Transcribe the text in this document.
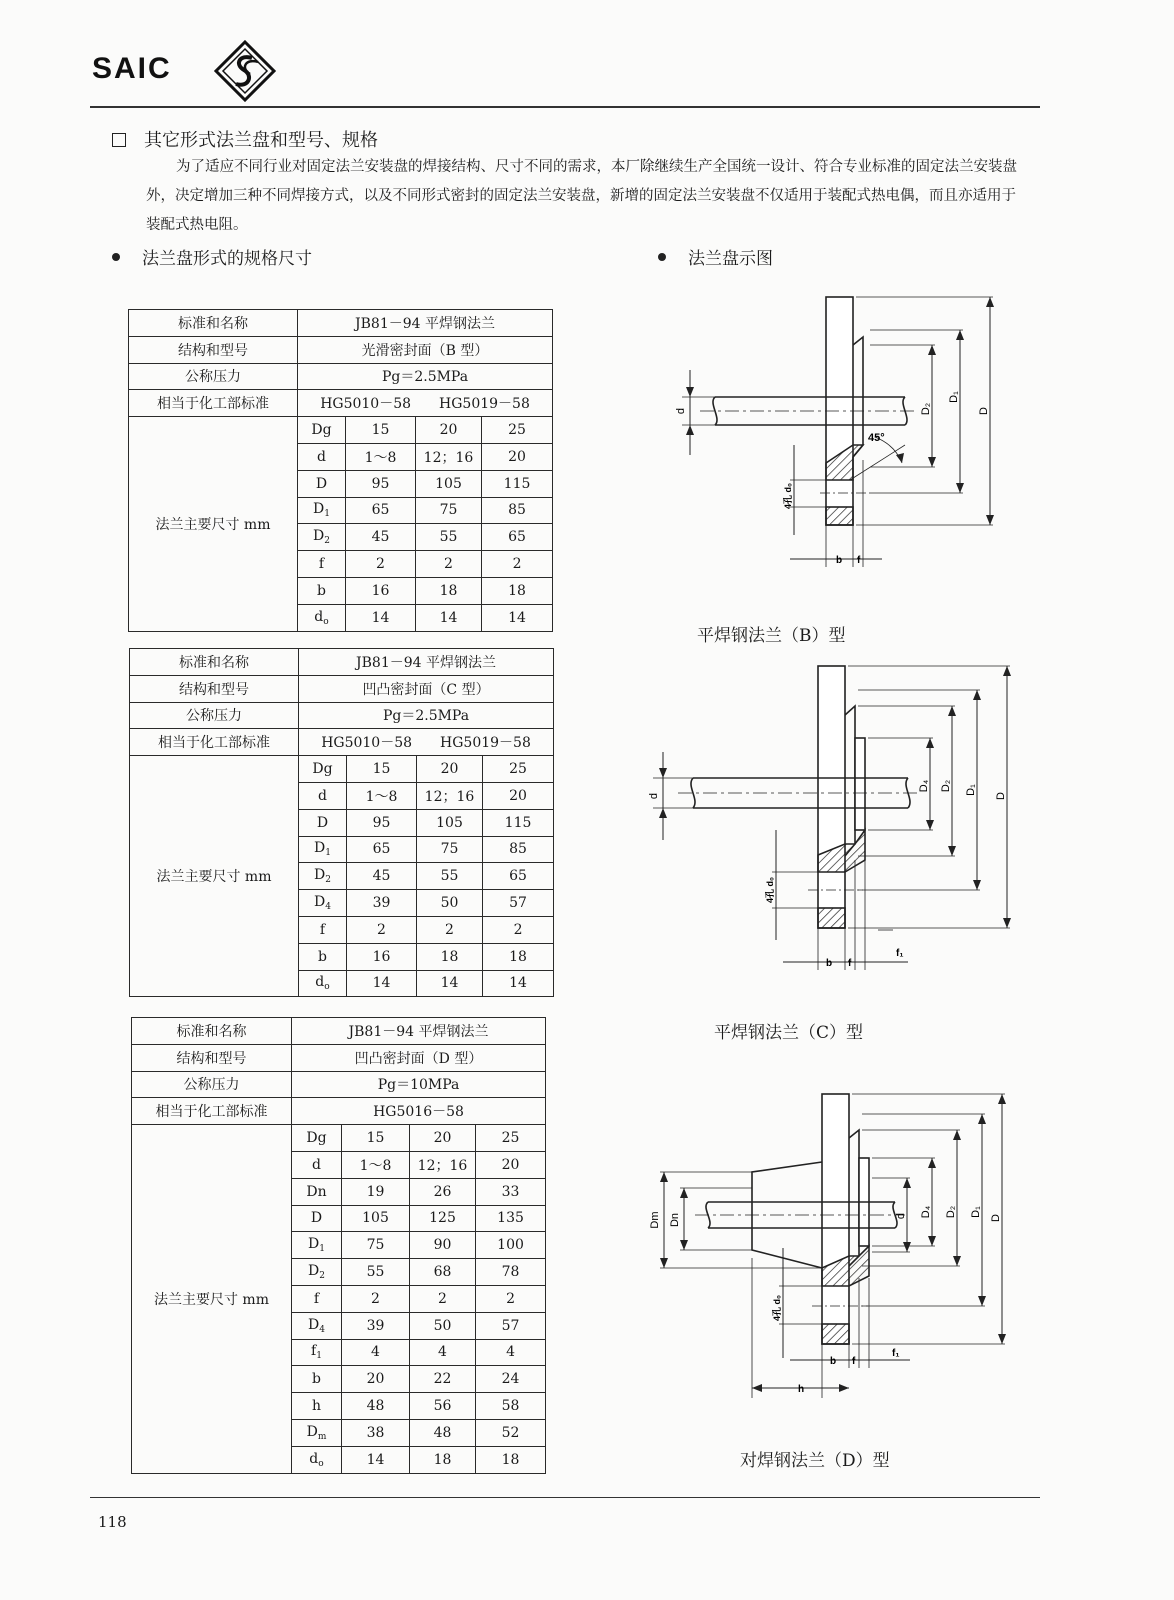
SAIC
其它形式法兰盘和型号、规格
为了适应不同行业对固定法兰安装盘的焊接结构、尺寸不同的需求，本厂除继续生产全国统一设计、符合专业标准的固定法兰安装盘外，决定增加三种不同焊接方式，以及不同形式密封的固定法兰安装盘，新增的固定法兰安装盘不仅适用于装配式热电偶，而且亦适用于装配式热电阻。
法兰盘形式的规格尺寸	法兰盘示图
标准和名称	JB81－94 平焊钢法兰			
结构和型号	光滑密封面（B 型）			
公称压力	Pg＝2.5MPa			
相当于化工部标准	HG5010－58　　HG5019－58			
法兰主要尺寸 mm	Dg	15	20	25
	d	1～8	12；16	20
	D	95	105	115
	$D_1$	65	75	85
	$D_2$	45	55	65
	f	2	2	2
	b	16	18	18
	$d_o$	14	14	14
标准和名称	JB81－94 平焊钢法兰			
结构和型号	凹凸密封面（C 型）			
公称压力	Pg＝2.5MPa			
相当于化工部标准	HG5010－58　　HG5019－58			
法兰主要尺寸 mm	Dg	15	20	25
	d	1～8	12；16	20
	D	95	105	115
	$D_1$	65	75	85
	$D_2$	45	55	65
	$D_4$	39	50	57
	f	2	2	2
	b	16	18	18
	$d_o$	14	14	14
标准和名称	JB81－94 平焊钢法兰			
结构和型号	凹凸密封面（D 型）			
公称压力	Pg＝10MPa			
相当于化工部标准	HG5016－58			
法兰主要尺寸 mm	Dg	15	20	25
	d	1～8	12；16	20
	Dn	19	26	33
	D	105	125	135
	$D_1$	75	90	100
	$D_2$	55	68	78
	f	2	2	2
	$D_4$	39	50	57
	$f_1$	4	4	4
	b	20	22	24
	h	48	56	58
	$D_m$	38	48	52
	$d_o$	14	18	18
d	D₂
D₁
D
45°
4孔 d₀
b f
平焊钢法兰（B）型
d
D₄ D₂ D₁
D
4孔 d₀
b f
f₁
平焊钢法兰（C）型
Dm Dn	d D₄ D₂ D₁
D
4孔 d₀
b f
f₁
h
对焊钢法兰（D）型
118
